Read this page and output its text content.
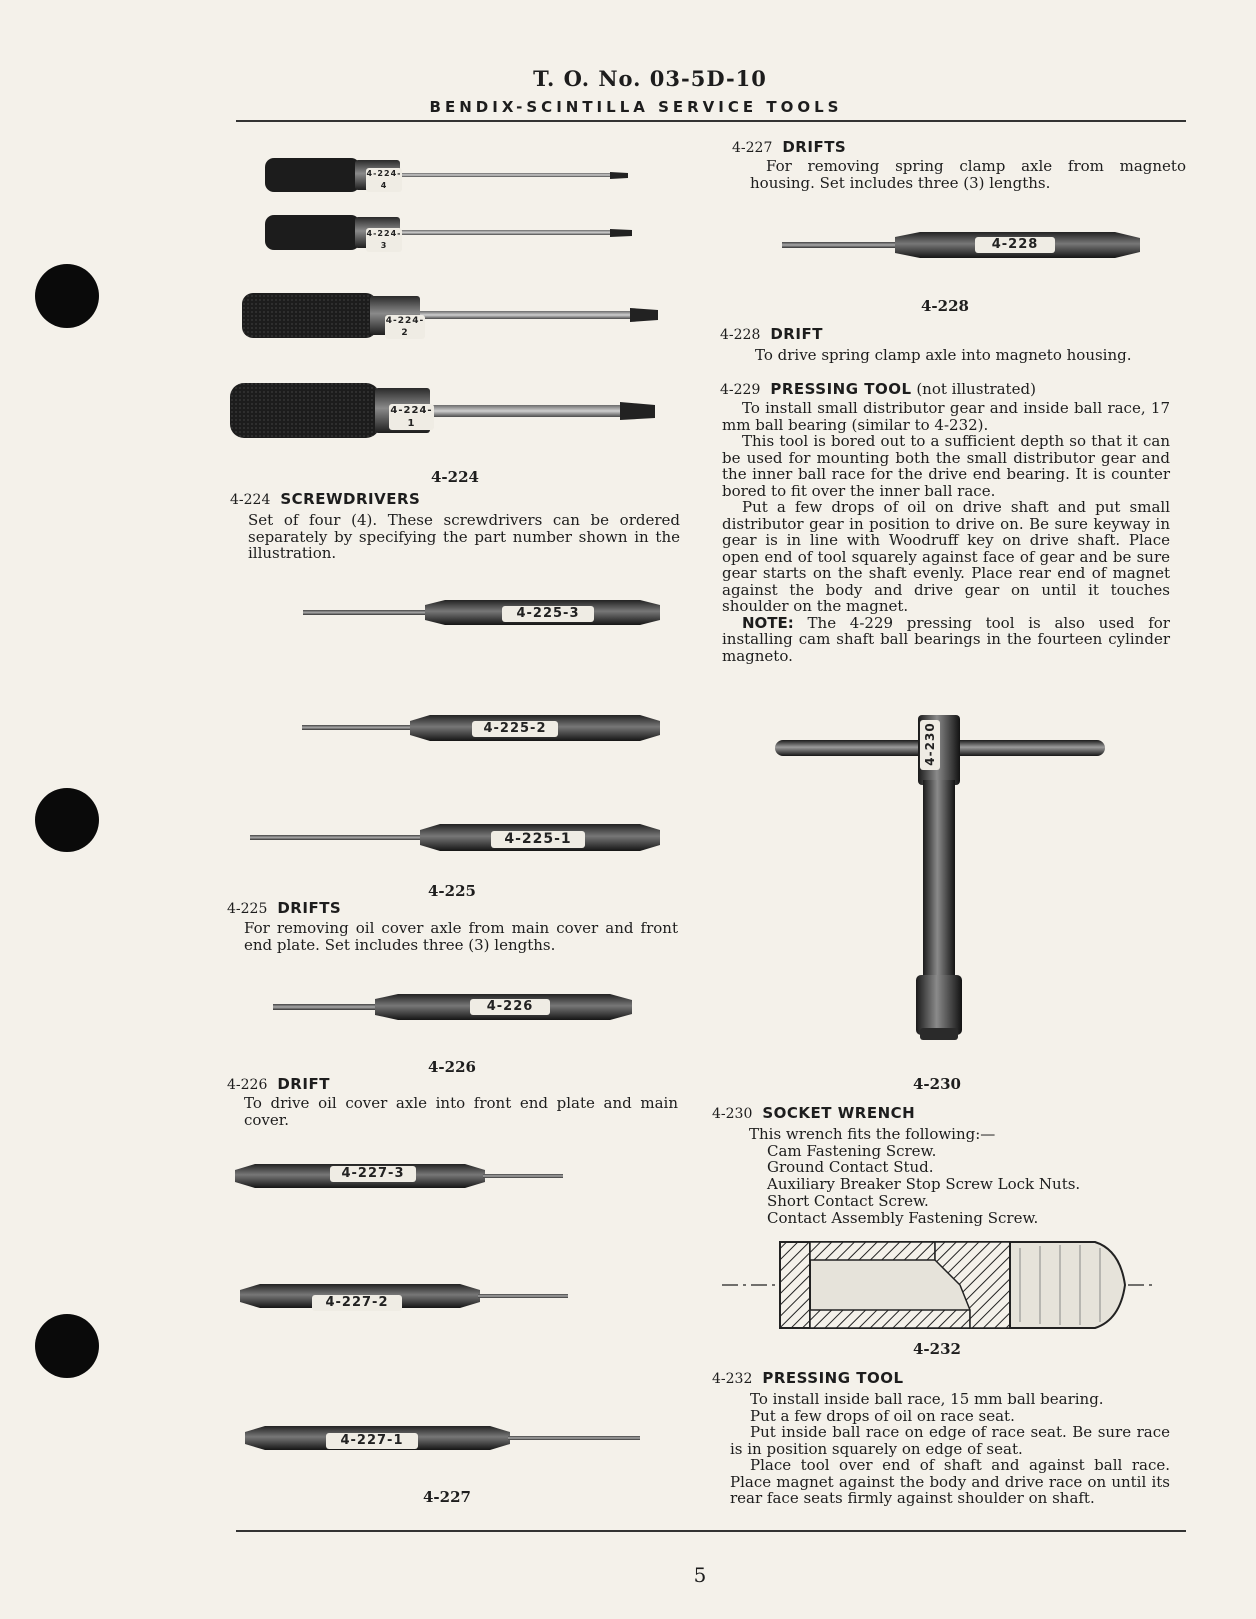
T. O. No. 03-5D-10
BENDIX-SCINTILLA SERVICE TOOLS
4-224-4
4-224-3
4-224-2
4-224-1
4-224
4-224 SCREWDRIVERS

Set of four (4). These screwdrivers can be ordered separately by specifying the part number shown in the illustration.

4-225-3
4-225-2
4-225-1
4-225
4-225 DRIFTS

For removing oil cover axle from main cover and front end plate. Set includes three (3) lengths.

4-226
4-226
4-226 DRIFT

To drive oil cover axle into front end plate and main cover.

4-227-3
4-227-2
4-227-1
4-227
4-227 DRIFTS

For removing spring clamp axle from magneto housing. Set includes three (3) lengths.

4-228
4-228
4-228 DRIFT

To drive spring clamp axle into magneto housing.

4-229 PRESSING TOOL (not illustrated)

To install small distributor gear and inside ball race, 17 mm ball bearing (similar to 4-232).

This tool is bored out to a sufficient depth so that it can be used for mounting both the small distributor gear and the inner ball race for the drive end bearing. It is counter bored to fit over the inner ball race.

Put a few drops of oil on drive shaft and put small distributor gear in position to drive on. Be sure keyway in gear is in line with Woodruff key on drive shaft. Place open end of tool squarely against face of gear and be sure gear starts on the shaft evenly. Place rear end of magnet against the body and drive gear on until it touches shoulder on the magnet.

NOTE: The 4-229 pressing tool is also used for installing cam shaft ball bearings in the fourteen cylinder magneto.

4-230
4-230
4-230 SOCKET WRENCH
This wrench fits the following:—
Cam Fastening Screw.
Ground Contact Stud.
Auxiliary Breaker Stop Screw Lock Nuts.
Short Contact Screw.
Contact Assembly Fastening Screw.
4-232
4-232 PRESSING TOOL

To install inside ball race, 15 mm ball bearing.

Put a few drops of oil on race seat.

Put inside ball race on edge of race seat. Be sure race is in position squarely on edge of seat.

Place tool over end of shaft and against ball race. Place magnet against the body and drive race on until its rear face seats firmly against shoulder on shaft.

5
